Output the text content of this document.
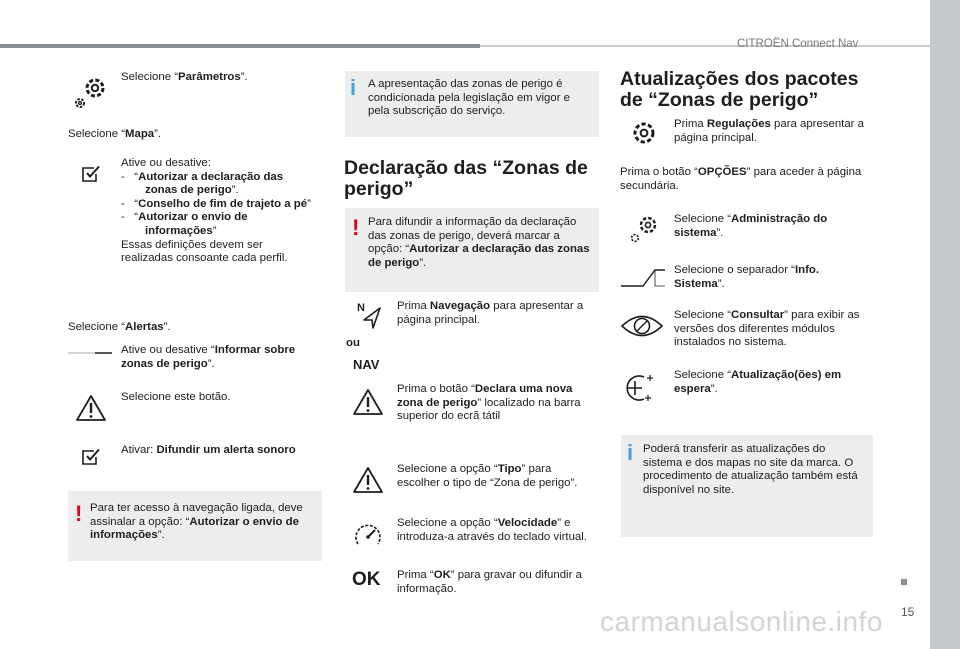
CITROËN Connect Nav
Selecione “Parâmetros”.
Selecione “Mapa”.
Ative ou desative:
-   “Autorizar a declaração das zonas de perigo”.
-   “Conselho de fim de trajeto a pé”
-   “Autorizar o envio de informações”
Essas definições devem ser realizadas consoante cada perfil.
Selecione “Alertas”.
Ative ou desative “Informar sobre zonas de perigo”.
Selecione este botão.
Ativar: Difundir um alerta sonoro
! Para ter acesso à navegação ligada, deve assinalar a opção: “Autorizar o envio de informações”.
i A apresentação das zonas de perigo é condicionada pela legislação em vigor e pela subscrição do serviço.
Declaração das “Zonas de perigo”
! Para difundir a informação da declaração das zonas de perigo, deverá marcar a opção: “Autorizar a declaração das zonas de perigo”.
N
ou
NAV
Prima Navegação para apresentar a página principal.
Prima o botão “Declara uma nova zona de perigo” localizado na barra superior do ecrã tátil
Selecione a opção “Tipo” para escolher o tipo de “Zona de perigo”.
Selecione a opção “Velocidade” e introduza-a através do teclado virtual.
OK Prima “OK” para gravar ou difundir a informação.
Atualizações dos pacotes de “Zonas de perigo”
Prima Regulações para apresentar a página principal.
Prima o botão “OPÇÕES” para aceder à página secundária.
Selecione “Administração do sistema”.
Selecione o separador “Info. Sistema”.
Selecione “Consultar” para exibir as versões dos diferentes módulos instalados no sistema.
Selecione “Atualização(ões) em espera”.
i Poderá transferir as atualizações do sistema e dos mapas no site da marca. O procedimento de atualização também está disponível no site.
15
carmanualsonline.info
